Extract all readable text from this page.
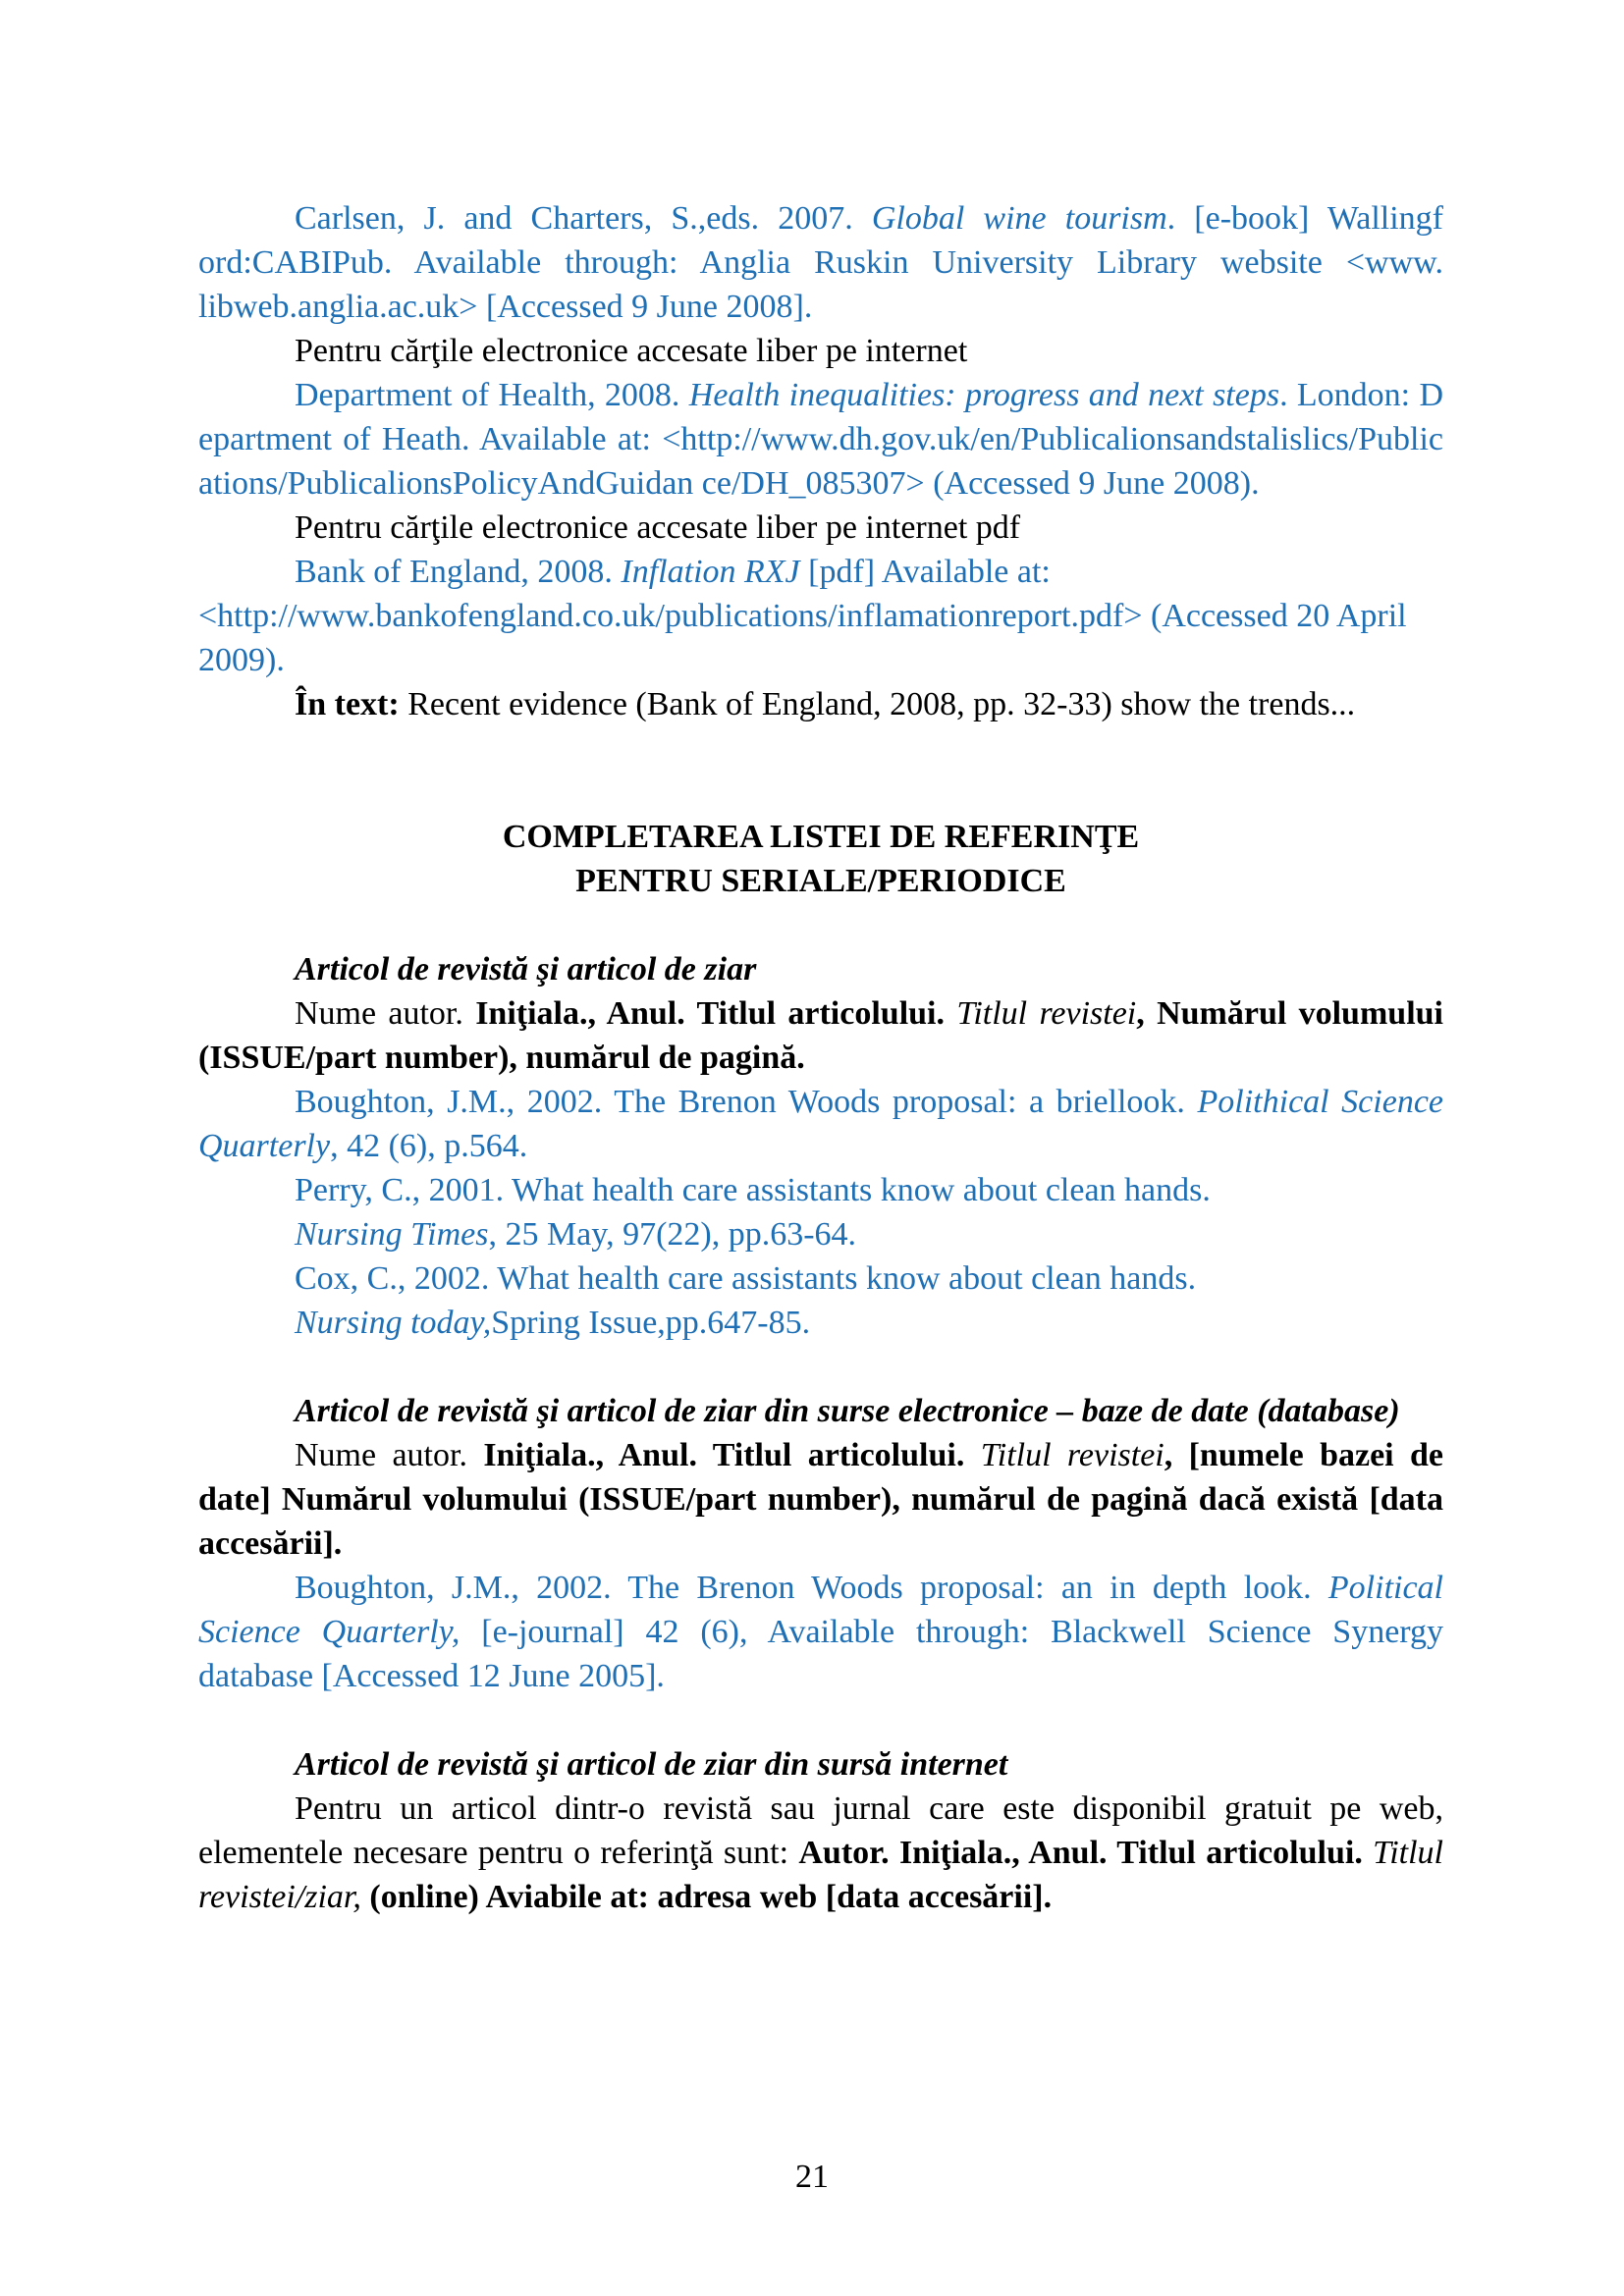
Carlsen, J. and Charters, S.,eds. 2007. Global wine tourism. [e-book] Wallingf ord:CABIPub. Available through: Anglia Ruskin University Library website <www. libweb.anglia.ac.uk> [Accessed 9 June 2008].

Pentru cărţile electronice accesate liber pe internet

Department of Health, 2008. Health inequalities: progress and next steps. London: Department of Heath. Available at: <http://www.dh.gov.uk/en/Publicalionsandstalislics/Publications/PublicalionsPolicyAndGuidan ce/DH_085307> (Accessed 9 June 2008).

Pentru cărţile electronice accesate liber pe internet pdf

Bank of England, 2008. Inflation RXJ [pdf] Available at: <http://www.bankofengland.co.uk/publications/inflamationreport.pdf> (Accessed 20 April 2009).

În text: Recent evidence (Bank of England, 2008, pp. 32-33) show the trends...

COMPLETAREA LISTEI DE REFERINŢE

PENTRU SERIALE/PERIODICE

Articol de revistă şi articol de ziar

Nume autor. Iniţiala., Anul. Titlul articolului. Titlul revistei, Numărul volumului (ISSUE/part number), numărul de pagină.

Boughton, J.M., 2002. The Brenon Woods proposal: a briellook. Polithical Science Quarterly, 42 (6), p.564.

Perry, C., 2001. What health care assistants know about clean hands.

Nursing Times, 25 May, 97(22), pp.63-64.

Cox, C., 2002. What health care assistants know about clean hands.

Nursing today,Spring Issue,pp.647-85.

Articol de revistă şi articol de ziar din surse electronice – baze de date (database)

Nume autor. Iniţiala., Anul. Titlul articolului. Titlul revistei, [numele bazei de date] Numărul volumului (ISSUE/part number), numărul de pagină dacă există [data accesării].

Boughton, J.M., 2002. The Brenon Woods proposal: an in depth look. Political Science Quarterly, [e-journal] 42 (6), Available through: Blackwell Science Synergy database [Accessed 12 June 2005].

Articol de revistă şi articol de ziar din sursă internet

Pentru un articol dintr-o revistă sau jurnal care este disponibil gratuit pe web, elementele necesare pentru o referinţă sunt: Autor. Iniţiala., Anul. Titlul articolului. Titlul revistei/ziar, (online) Aviabile at: adresa web [data accesării].

21
